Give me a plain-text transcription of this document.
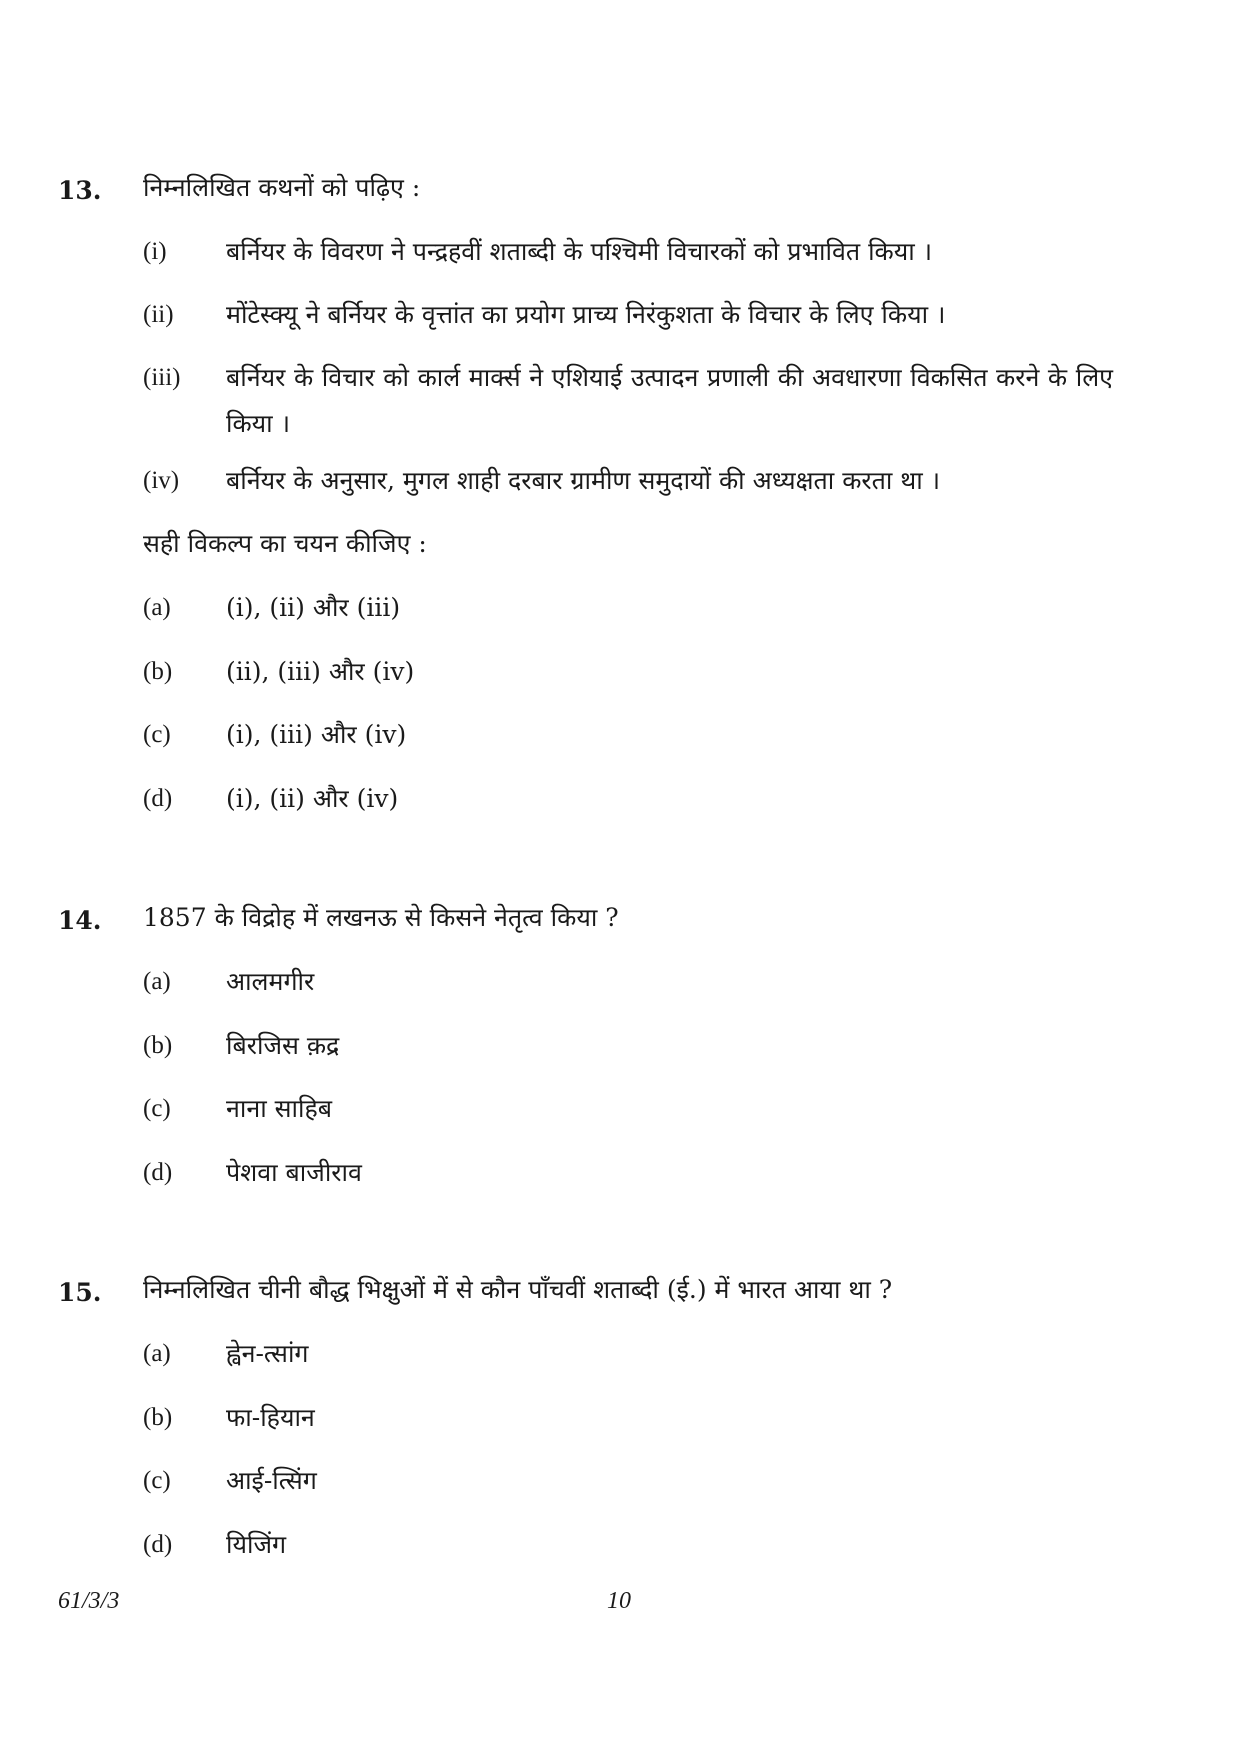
13. निम्नलिखित कथनों को पढ़िए :
(i) बर्नियर के विवरण ने पन्द्रहवीं शताब्दी के पश्चिमी विचारकों को प्रभावित किया ।
(ii) मोंटेस्क्यू ने बर्नियर के वृत्तांत का प्रयोग प्राच्य निरंकुशता के विचार के लिए किया ।
(iii) बर्नियर के विचार को कार्ल मार्क्स ने एशियाई उत्पादन प्रणाली की अवधारणा विकसित करने के लिए किया ।
(iv) बर्नियर के अनुसार, मुगल शाही दरबार ग्रामीण समुदायों की अध्यक्षता करता था ।
सही विकल्प का चयन कीजिए :
(a) (i), (ii) और (iii)
(b) (ii), (iii) और (iv)
(c) (i), (iii) और (iv)
(d) (i), (ii) और (iv)
14. 1857 के विद्रोह में लखनऊ से किसने नेतृत्व किया ?
(a) आलमगीर
(b) बिरजिस क़द्र
(c) नाना साहिब
(d) पेशवा बाजीराव
15. निम्नलिखित चीनी बौद्ध भिक्षुओं में से कौन पाँचवीं शताब्दी (ई.) में भारत आया था ?
(a) ह्वेन-त्सांग
(b) फा-हियान
(c) आई-त्सिंग
(d) यिजिंग
61/3/3	10
